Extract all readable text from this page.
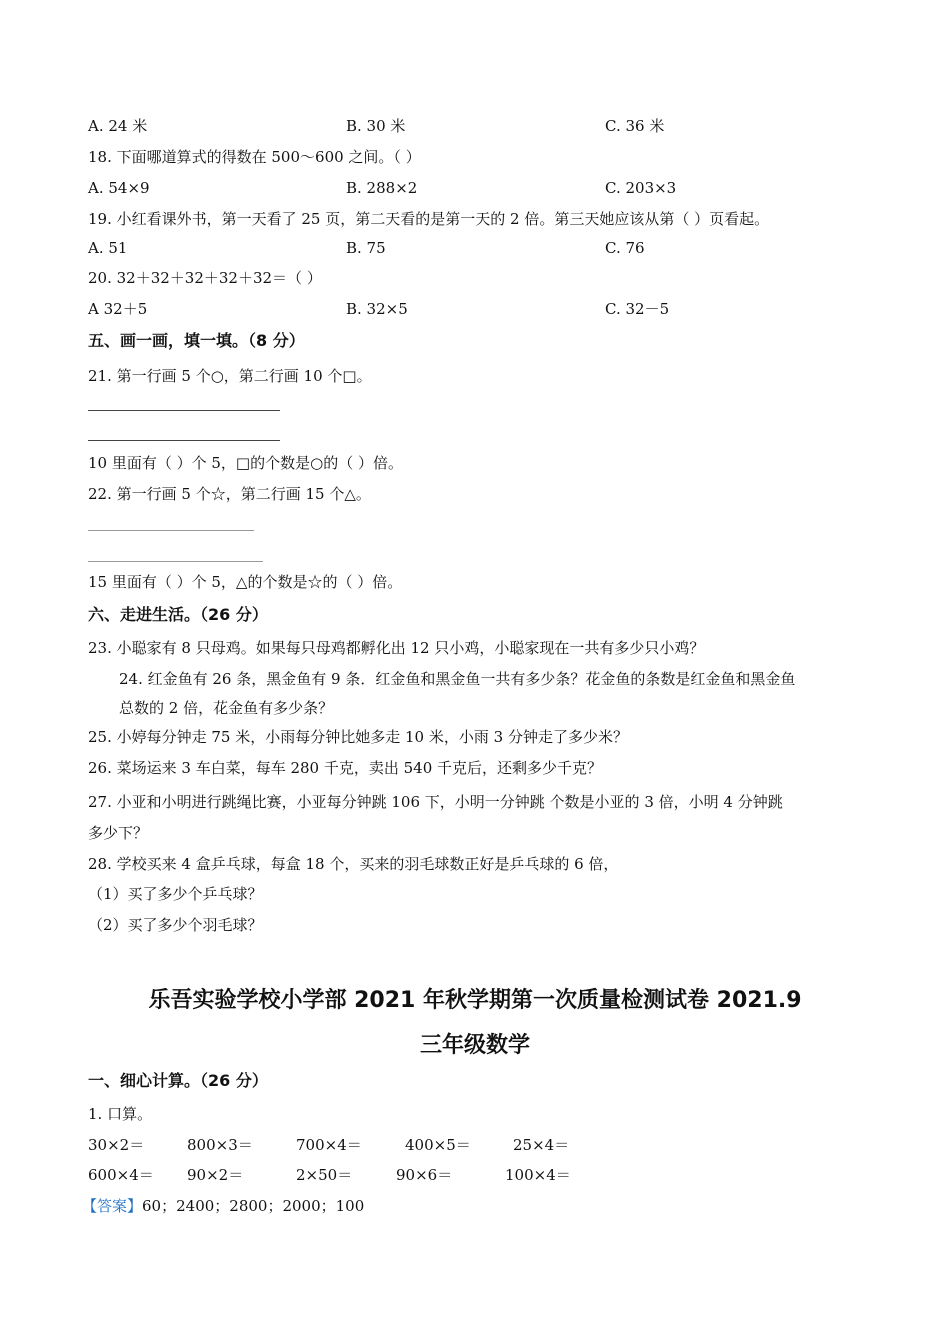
A. 24 米	B. 30 米	C. 36 米
18. 下面哪道算式的得数在 500～600 之间。（ ）
A. 54×9	B. 288×2	C. 203×3
19. 小红看课外书，第一天看了 25 页，第二天看的是第一天的 2 倍。第三天她应该从第（ ）页看起。
A. 51	B. 75	C. 76
20. 32＋32＋32＋32＋32＝（ ）
A 32＋5	B. 32×5	C. 32－5
五、画一画，填一填。（8 分）
21. 第一行画 5 个○，第二行画 10 个□。
10 里面有（ ）个 5，□的个数是○的（ ）倍。
22. 第一行画 5 个☆，第二行画 15 个△。
15 里面有（ ）个 5，△的个数是☆的（ ）倍。
六、走进生活。（26 分）
23. 小聪家有 8 只母鸡。如果每只母鸡都孵化出 12 只小鸡，小聪家现在一共有多少只小鸡？
24. 红金鱼有 26 条，黑金鱼有 9 条．红金鱼和黑金鱼一共有多少条？花金鱼的条数是红金鱼和黑金鱼
总数的 2 倍，花金鱼有多少条？
25. 小婷每分钟走 75 米，小雨每分钟比她多走 10 米，小雨 3 分钟走了多少米？
26. 菜场运来 3 车白菜，每车 280 千克，卖出 540 千克后，还剩多少千克？
27. 小亚和小明进行跳绳比赛，小亚每分钟跳 106 下，小明一分钟跳 个数是小亚的 3 倍，小明 4 分钟跳
多少下？
28. 学校买来 4 盒乒乓球，每盒 18 个，买来的羽毛球数正好是乒乓球的 6 倍，
（1）买了多少个乒乓球？
（2）买了多少个羽毛球？
乐吾实验学校小学部 2021 年秋学期第一次质量检测试卷 2021.9
三年级数学
一、细心计算。（26 分）
1. 口算。
30×2＝	800×3＝	700×4＝	400×5＝	25×4＝
600×4＝ 90×2＝	2×50＝	90×6＝	100×4＝
【答案】60；2400；2800；2000；100
